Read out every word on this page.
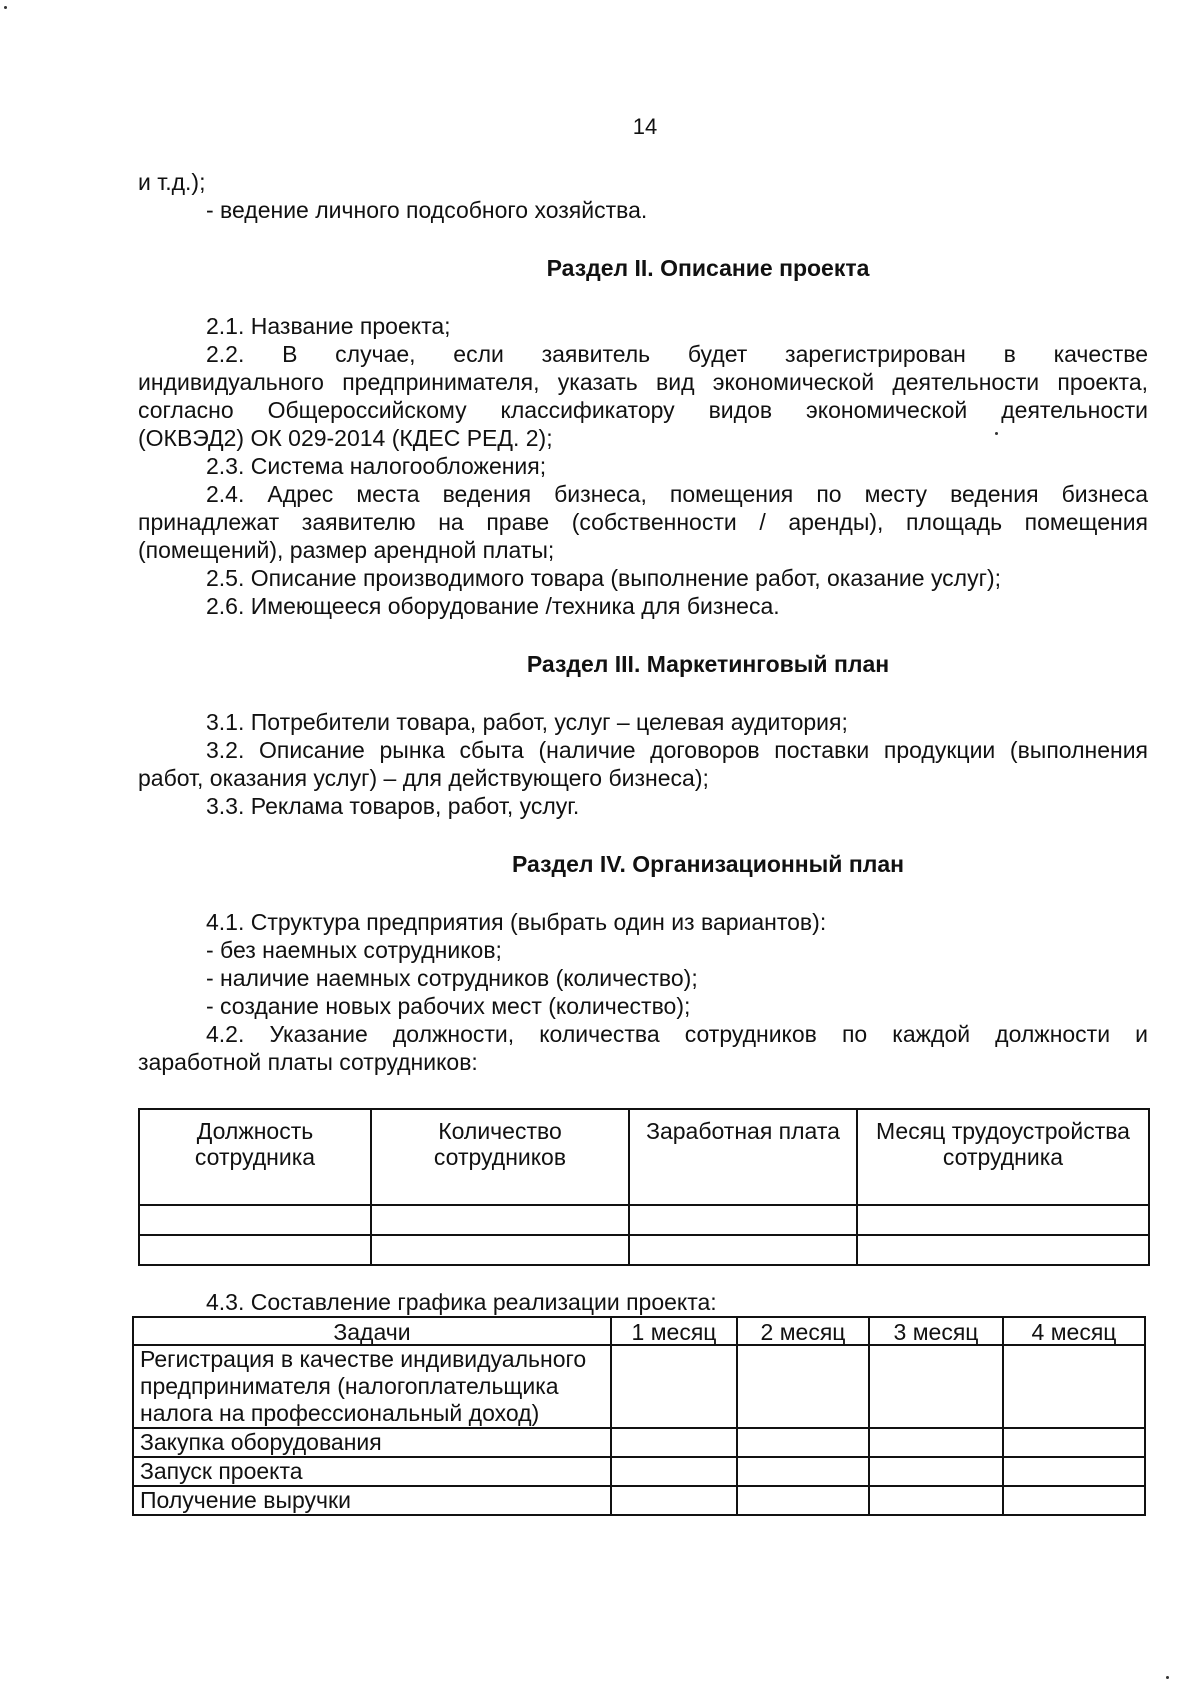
14
и т.д.);
- ведение личного подсобного хозяйства.
Раздел II. Описание проекта
2.1. Название проекта;
2.2. В случае, если заявитель будет зарегистрирован в качестве
индивидуального предпринимателя, указать вид экономической деятельности проекта,
согласно Общероссийскому классификатору видов экономической деятельности
(ОКВЭД2) ОК 029-2014 (КДЕС РЕД. 2);
2.3. Система налогообложения;
2.4. Адрес места ведения бизнеса, помещения по месту ведения бизнеса
принадлежат заявителю на праве (собственности / аренды), площадь помещения
(помещений), размер арендной платы;
2.5. Описание производимого товара (выполнение работ, оказание услуг);
2.6. Имеющееся оборудование /техника для бизнеса.
Раздел III. Маркетинговый план
3.1. Потребители товара, работ, услуг – целевая аудитория;
3.2. Описание рынка сбыта (наличие договоров поставки продукции (выполнения
работ, оказания услуг) – для действующего бизнеса);
3.3. Реклама товаров, работ, услуг.
Раздел IV. Организационный план
4.1. Структура предприятия (выбрать один из вариантов):
- без наемных сотрудников;
- наличие наемных сотрудников (количество);
- создание новых рабочих мест (количество);
4.2. Указание должности, количества сотрудников по каждой должности и
заработной платы сотрудников:
Должность сотрудника	Количество сотрудников	Заработная плата	Месяц трудоустройства сотрудника

4.3. Составление графика реализации проекта:
Задачи	1 месяц	2 месяц	3 месяц	4 месяц
Регистрация в качестве индивидуального предпринимателя (налогоплательщика налога на профессиональный доход)				
Закупка оборудования				
Запуск проекта				
Получение выручки				
